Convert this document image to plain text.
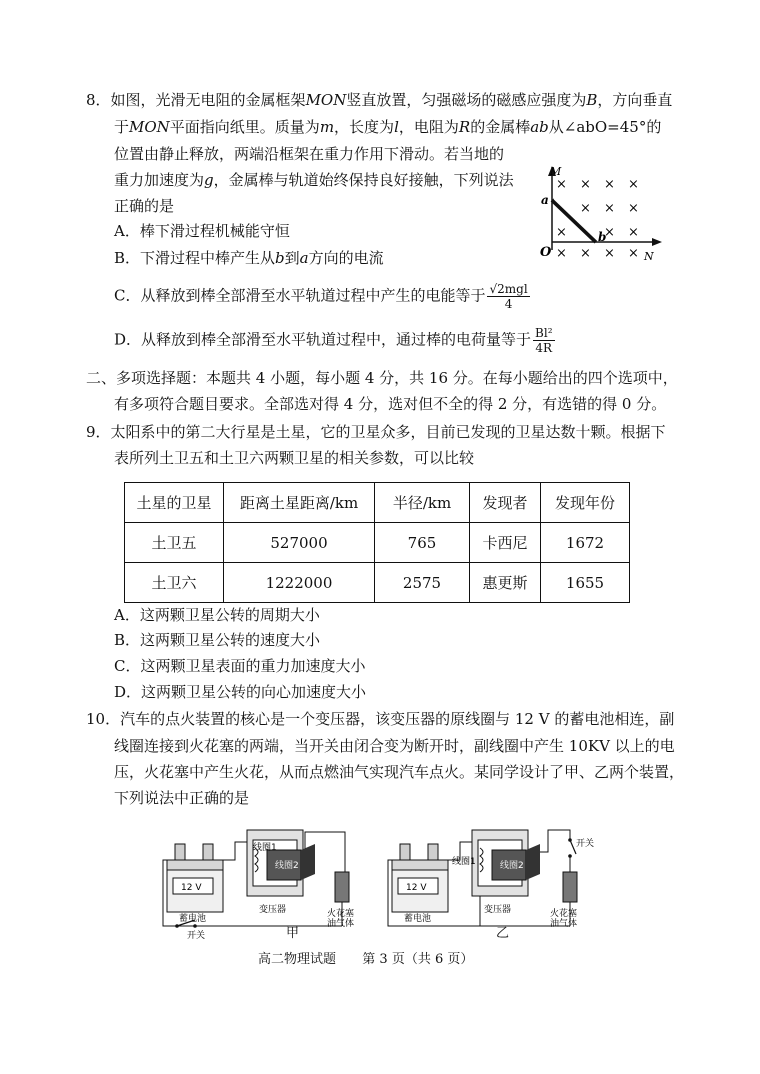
8．如图，光滑无电阻的金属框架MON竖直放置，匀强磁场的磁感应强度为B，方向垂直
于MON平面指向纸里。质量为m，长度为l，电阻为R的金属棒ab从∠abO=45°的
位置由静止释放，两端沿框架在重力作用下滑动。若当地的
重力加速度为g，金属棒与轨道始终保持良好接触，下列说法
正确的是
A．棒下滑过程机械能守恒
B．下滑过程中棒产生从b到a方向的电流
C．从释放到棒全部滑至水平轨道过程中产生的电能等于 $\frac{\text{√2mgl}}{4}$
D．从释放到棒全部滑至水平轨道过程中，通过棒的电荷量等于 $\frac{\text{Bl²}}{4R}$
M
a
b
O	N
× × × ×
× × ×
×	× ×
× × × ×
二、多项选择题：本题共 4 小题，每小题 4 分，共 16 分。在每小题给出的四个选项中，
有多项符合题目要求。全部选对得 4 分，选对但不全的得 2 分，有选错的得 0 分。
9．太阳系中的第二大行星是土星，它的卫星众多，目前已发现的卫星达数十颗。根据下
表所列土卫五和土卫六两颗卫星的相关参数，可以比较
土星的卫星	距离土星距离/km	半径/km	发现者	发现年份
土卫五	527000	765	卡西尼	1672
土卫六	1222000	2575	惠更斯	1655
A．这两颗卫星公转的周期大小
B．这两颗卫星公转的速度大小
C．这两颗卫星表面的重力加速度大小
D．这两颗卫星公转的向心加速度大小
10．汽车的点火装置的核心是一个变压器，该变压器的原线圈与 12 V 的蓄电池相连，副
线圈连接到火花塞的两端，当开关由闭合变为断开时，副线圈中产生 10KV 以上的电
压，火花塞中产生火花，从而点燃油气实现汽车点火。某同学设计了甲、乙两个装置，
下列说法中正确的是
12 V
蓄电池
线圈1
线圈2
变压器
开关
火花塞
油气体
甲
12 V
蓄电池
线圈1	线圈2
变压器
开关
火花塞
油气体
乙
高二物理试题 第 3 页（共 6 页）
